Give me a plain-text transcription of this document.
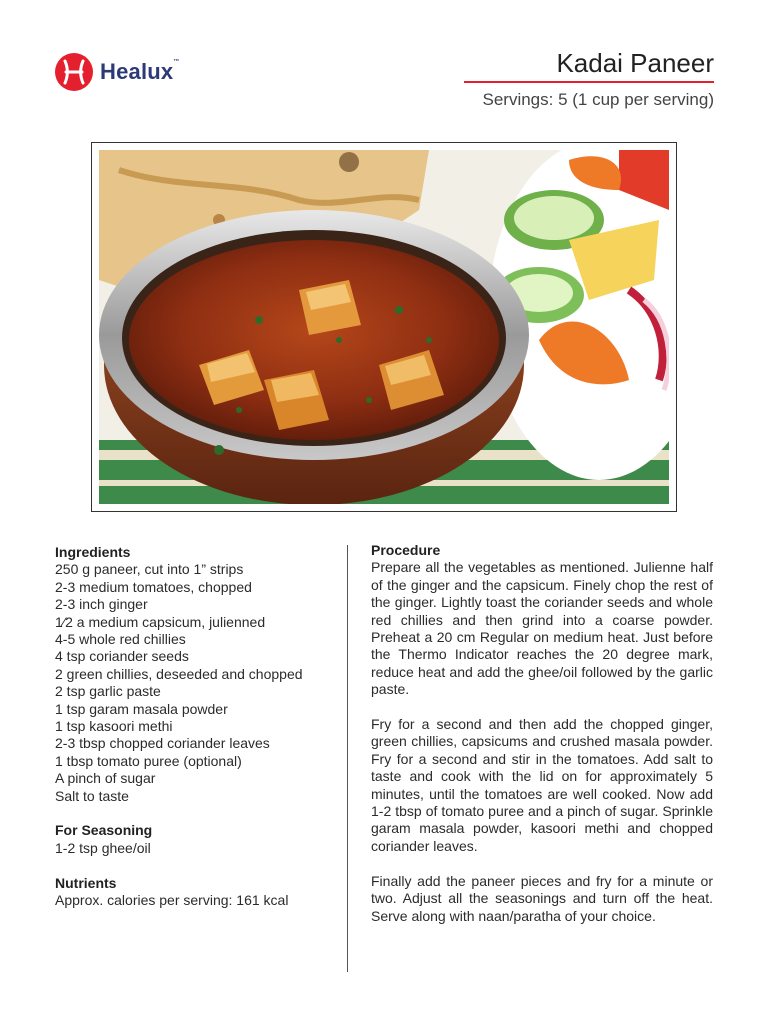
Healux™	Kadai Paneer
Servings: 5 (1 cup per serving)
Ingredients
250 g paneer, cut into 1” strips
2-3 medium tomatoes, chopped
2-3 inch ginger
1⁄2 a medium capsicum, julienned
4-5 whole red chillies
4 tsp coriander seeds
2 green chillies, deseeded and chopped
2 tsp garlic paste
1 tsp garam masala powder
1 tsp kasoori methi
2-3 tbsp chopped coriander leaves
1 tbsp tomato puree (optional)
A pinch of sugar
Salt to taste
For Seasoning
1-2 tsp ghee/oil
Nutrients
Approx. calories per serving: 161 kcal
Procedure

Prepare all the vegetables as mentioned. Julienne half of the ginger and the capsicum. Finely chop the rest of the ginger. Lightly toast the coriander seeds and whole red chillies and then grind into a coarse powder. Preheat a 20 cm Regular on medium heat. Just before the Thermo Indicator reaches the 20 degree mark, reduce heat and add the ghee/oil followed by the garlic paste.

Fry for a second and then add the chopped ginger, green chillies, capsicums and crushed masala powder. Fry for a second and stir in the tomatoes. Add salt to taste and cook with the lid on for approximately 5 minutes, until the tomatoes are well cooked. Now add 1-2 tbsp of tomato puree and a pinch of sugar. Sprinkle garam masala powder, kasoori methi and chopped coriander leaves.

Finally add the paneer pieces and fry for a minute or two. Adjust all the seasonings and turn off the heat. Serve along with naan/paratha of your choice.
